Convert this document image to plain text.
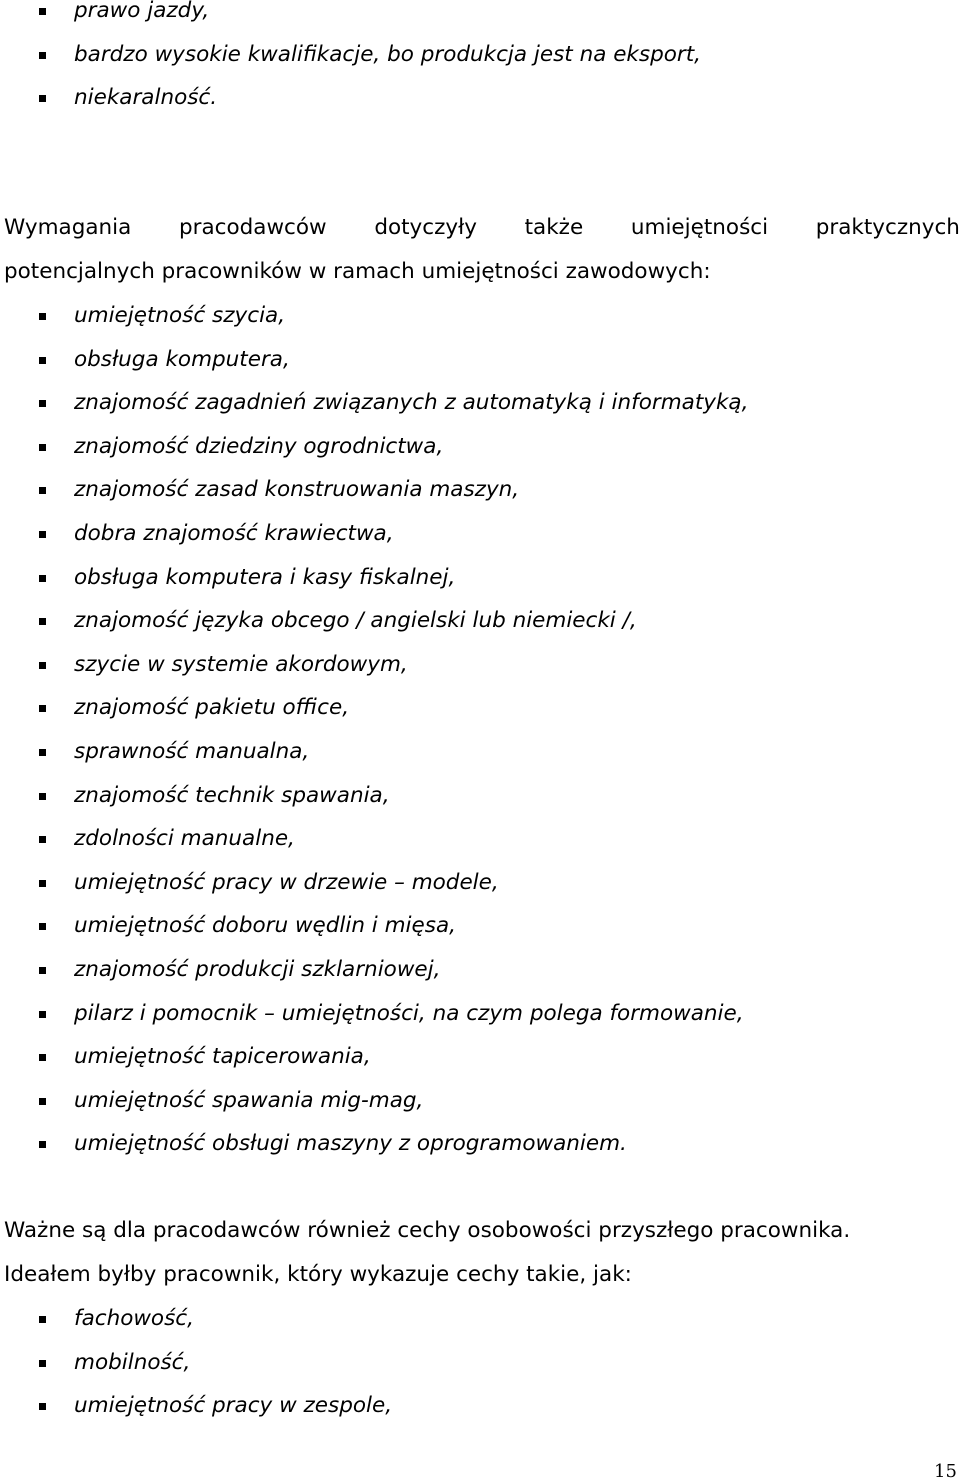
prawo jazdy,
bardzo wysokie kwalifikacje, bo produkcja jest na eksport,
niekaralność.
Wymagania pracodawców dotyczyły także umiejętności praktycznych
potencjalnych pracowników w ramach umiejętności zawodowych:
umiejętność szycia,
obsługa komputera,
znajomość zagadnień związanych z automatyką i informatyką,
znajomość dziedziny ogrodnictwa,
znajomość zasad konstruowania maszyn,
dobra znajomość krawiectwa,
obsługa komputera i kasy fiskalnej,
znajomość języka obcego / angielski lub niemiecki /,
szycie w systemie akordowym,
znajomość pakietu office,
sprawność manualna,
znajomość technik spawania,
zdolności manualne,
umiejętność pracy w drzewie – modele,
umiejętność doboru wędlin i mięsa,
znajomość produkcji szklarniowej,
pilarz i pomocnik – umiejętności, na czym polega formowanie,
umiejętność tapicerowania,
umiejętność spawania mig-mag,
umiejętność obsługi maszyny z oprogramowaniem.
Ważne są dla pracodawców również cechy osobowości przyszłego pracownika.
Ideałem byłby pracownik, który wykazuje cechy takie, jak:
fachowość,
mobilność,
umiejętność pracy w zespole,
15
